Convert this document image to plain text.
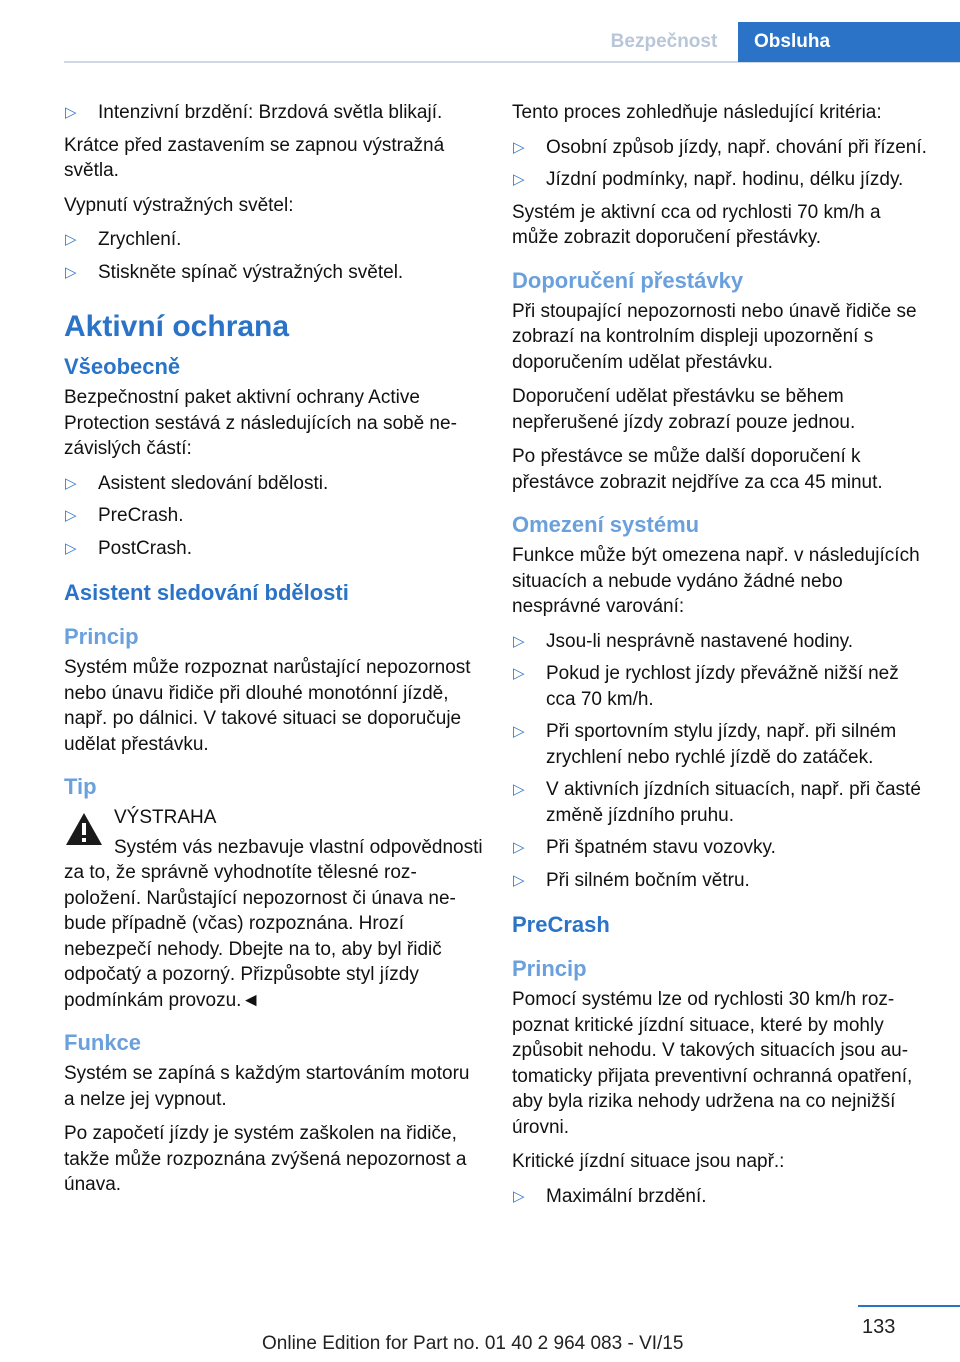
Bezpečnost	Obsluha
▷ Intenzivní brzdění: Brzdová světla blikají.

Krátce před zastavením se zapnou výstražná světla.

Vypnutí výstražných světel:

▷ Zrychlení.
▷ Stiskněte spínač výstražných světel.
Aktivní ochrana
Všeobecně

Bezpečnostní paket aktivní ochrany Active Protection sestává z následujících na sobě nezávislých částí:

▷ Asistent sledování bdělosti.
▷ PreCrash.
▷ PostCrash.
Asistent sledování bdělosti
Princip

Systém může rozpoznat narůstající nepozornost nebo únavu řidiče při dlouhé monotónní jízdě, např. po dálnici. V takové situaci se doporučuje udělat přestávku.

Tip
VÝSTRAHA
Systém vás nezbavuje vlastní odpovědnosti za to, že správně vyhodnotíte tělesné rozpoložení. Narůstající nepozornost či únava nebude případně (včas) rozpoznána. Hrozí nebezpečí nehody. Dbejte na to, aby byl řidič odpočatý a pozorný. Přizpůsobte styl jízdy podmínkám provozu.◄
Funkce

Systém se zapíná s každým startováním motoru a nelze jej vypnout.

Po započetí jízdy je systém zaškolen na řidiče, takže může rozpoznána zvýšená nepozornost a únava.

Tento proces zohledňuje následující kritéria:

▷ Osobní způsob jízdy, např. chování při řízení.
▷ Jízdní podmínky, např. hodinu, délku jízdy.

Systém je aktivní cca od rychlosti 70 km/h a může zobrazit doporučení přestávky.

Doporučení přestávky

Při stoupající nepozornosti nebo únavě řidiče se zobrazí na kontrolním displeji upozornění s doporučením udělat přestávku.

Doporučení udělat přestávku se během nepřerušené jízdy zobrazí pouze jednou.

Po přestávce se může další doporučení k přestávce zobrazit nejdříve za cca 45 minut.

Omezení systému

Funkce může být omezena např. v následujících situacích a nebude vydáno žádné nebo nesprávné varování:

▷ Jsou-li nesprávně nastavené hodiny.
▷ Pokud je rychlost jízdy převážně nižší než cca 70 km/h.
▷ Při sportovním stylu jízdy, např. při silném zrychlení nebo rychlé jízdě do zatáček.
▷ V aktivních jízdních situacích, např. při časté změně jízdního pruhu.
▷ Při špatném stavu vozovky.
▷ Při silném bočním větru.
PreCrash
Princip

Pomocí systému lze od rychlosti 30 km/h rozpoznat kritické jízdní situace, které by mohly způsobit nehodu. V takových situacích jsou automaticky přijata preventivní ochranná opatření, aby byla rizika nehody udržena na co nejnižší úrovni.

Kritické jízdní situace jsou např.:

▷ Maximální brzdění.
133
Online Edition for Part no. 01 40 2 964 083 - VI/15
